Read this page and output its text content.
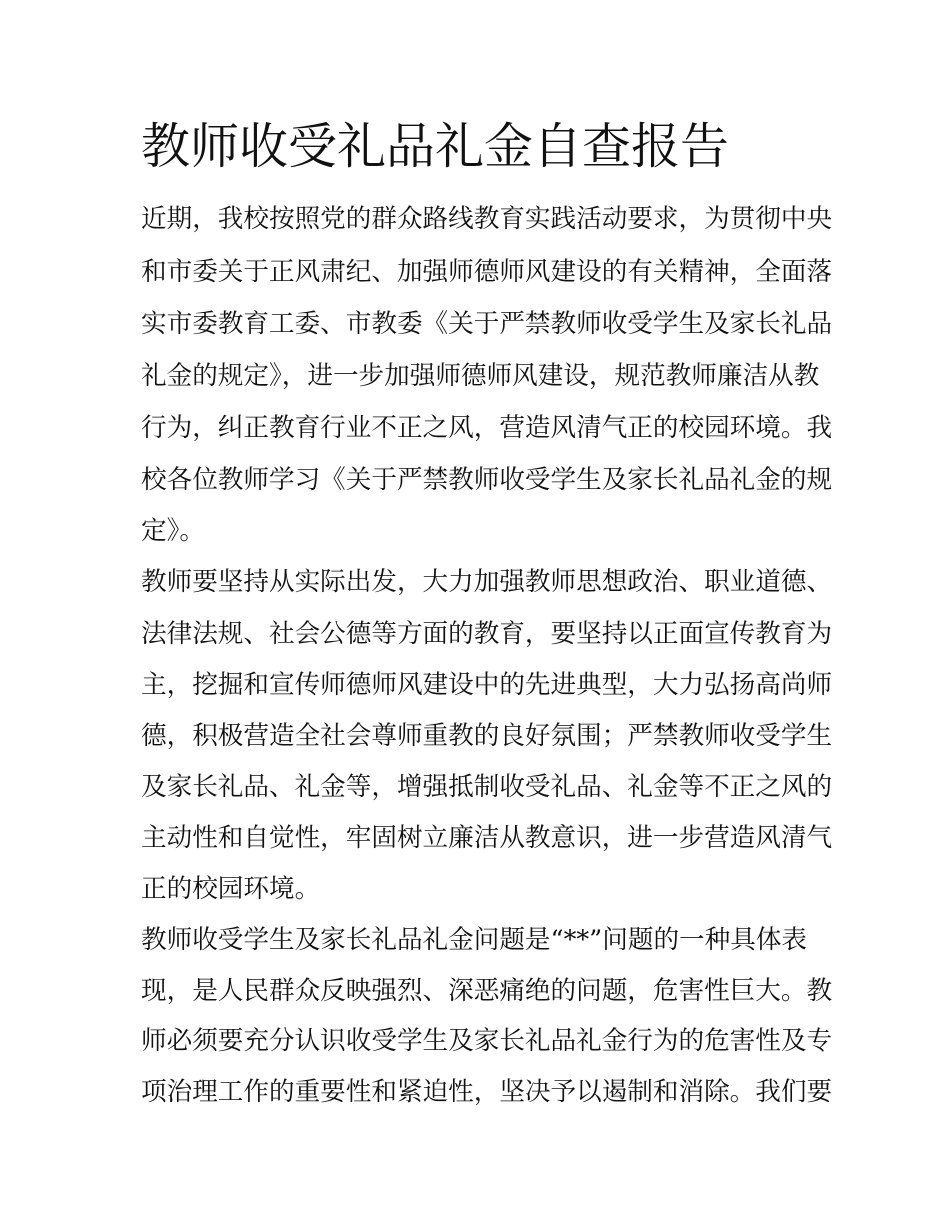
教师收受礼品礼金自查报告

近期，我校按照党的群众路线教育实践活动要求，为贯彻中央

和市委关于正风肃纪、加强师德师风建设的有关精神，全面落

实市委教育工委、市教委《关于严禁教师收受学生及家长礼品

礼金的规定》，进一步加强师德师风建设，规范教师廉洁从教

行为，纠正教育行业不正之风，营造风清气正的校园环境。我

校各位教师学习《关于严禁教师收受学生及家长礼品礼金的规

定》。

教师要坚持从实际出发，大力加强教师思想政治、职业道德、

法律法规、社会公德等方面的教育，要坚持以正面宣传教育为

主，挖掘和宣传师德师风建设中的先进典型，大力弘扬高尚师

德，积极营造全社会尊师重教的良好氛围；严禁教师收受学生

及家长礼品、礼金等，增强抵制收受礼品、礼金等不正之风的

主动性和自觉性，牢固树立廉洁从教意识，进一步营造风清气

正的校园环境。

教师收受学生及家长礼品礼金问题是“**”问题的一种具体表

现，是人民群众反映强烈、深恶痛绝的问题，危害性巨大。教

师必须要充分认识收受学生及家长礼品礼金行为的危害性及专

项治理工作的重要性和紧迫性，坚决予以遏制和消除。我们要
